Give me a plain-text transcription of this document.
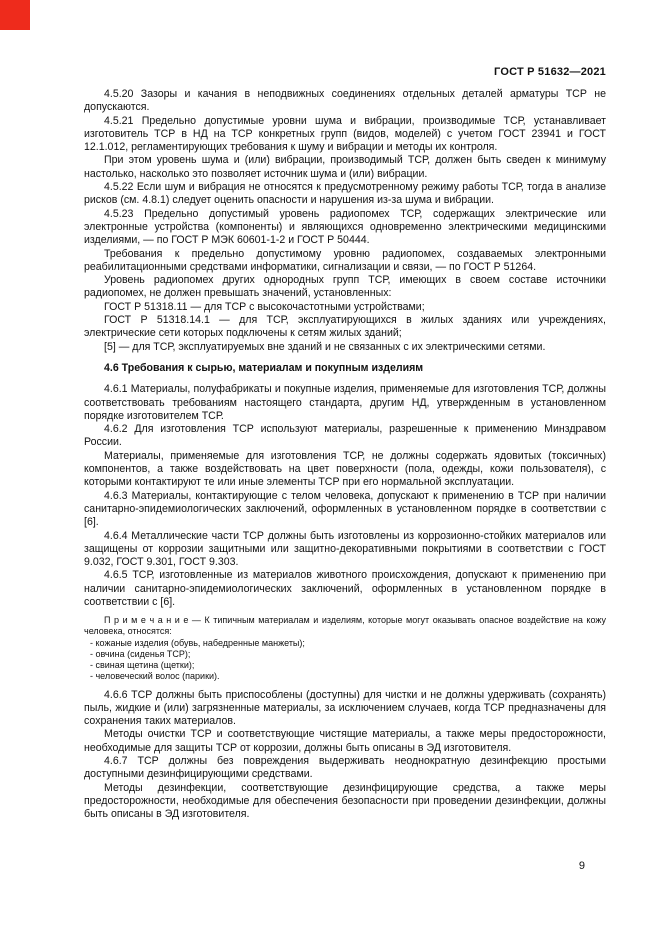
ГОСТ Р 51632—2021

4.5.20 Зазоры и качания в неподвижных соединениях отдельных деталей арматуры ТСР не допускаются.

4.5.21 Предельно допустимые уровни шума и вибрации, производимые ТСР, устанавливает изготовитель ТСР в НД на ТСР конкретных групп (видов, моделей) с учетом ГОСТ 23941 и ГОСТ 12.1.012, регламентирующих требования к шуму и вибрации и методы их контроля.

При этом уровень шума и (или) вибрации, производимый ТСР, должен быть сведен к минимуму настолько, насколько это позволяет источник шума и (или) вибрации.

4.5.22 Если шум и вибрация не относятся к предусмотренному режиму работы ТСР, тогда в анализе рисков (см. 4.8.1) следует оценить опасности и нарушения из-за шума и вибрации.

4.5.23 Предельно допустимый уровень радиопомех ТСР, содержащих электрические или электронные устройства (компоненты) и являющихся одновременно электрическими медицинскими изделиями, — по ГОСТ Р МЭК 60601-1-2 и ГОСТ Р 50444.

Требования к предельно допустимому уровню радиопомех, создаваемых электронными реабилитационными средствами информатики, сигнализации и связи, — по ГОСТ Р 51264.

Уровень радиопомех других однородных групп ТСР, имеющих в своем составе источники радиопомех, не должен превышать значений, установленных:

ГОСТ Р 51318.11 — для ТСР с высокочастотными устройствами;

ГОСТ Р 51318.14.1 — для ТСР, эксплуатирующихся в жилых зданиях или учреждениях, электрические сети которых подключены к сетям жилых зданий;

[5] — для ТСР, эксплуатируемых вне зданий и не связанных с их электрическими сетями.

4.6 Требования к сырью, материалам и покупным изделиям

4.6.1 Материалы, полуфабрикаты и покупные изделия, применяемые для изготовления ТСР, должны соответствовать требованиям настоящего стандарта, другим НД, утвержденным в установленном порядке изготовителем ТСР.

4.6.2 Для изготовления ТСР используют материалы, разрешенные к применению Минздравом России.

Материалы, применяемые для изготовления ТСР, не должны содержать ядовитых (токсичных) компонентов, а также воздействовать на цвет поверхности (пола, одежды, кожи пользователя), с которыми контактируют те или иные элементы ТСР при его нормальной эксплуатации.

4.6.3 Материалы, контактирующие с телом человека, допускают к применению в ТСР при наличии санитарно-эпидемиологических заключений, оформленных в установленном порядке в соответствии с [6].

4.6.4 Металлические части ТСР должны быть изготовлены из коррозионно-стойких материалов или защищены от коррозии защитными или защитно-декоративными покрытиями в соответствии с ГОСТ 9.032, ГОСТ 9.301, ГОСТ 9.303.

4.6.5 ТСР, изготовленные из материалов животного происхождения, допускают к применению при наличии санитарно-эпидемиологических заключений, оформленных в установленном порядке в соответствии с [6].

П р и м е ч а н и е — К типичным материалам и изделиям, которые могут оказывать опасное воздействие на кожу человека, относятся:

- кожаные изделия (обувь, набедренные манжеты);

- овчина (сиденья ТСР);

- свиная щетина (щетки);

- человеческий волос (парики).

4.6.6 ТСР должны быть приспособлены (доступны) для чистки и не должны удерживать (сохранять) пыль, жидкие и (или) загрязненные материалы, за исключением случаев, когда ТСР предназначены для сохранения таких материалов.

Методы очистки ТСР и соответствующие чистящие материалы, а также меры предосторожности, необходимые для защиты ТСР от коррозии, должны быть описаны в ЭД изготовителя.

4.6.7 ТСР должны без повреждения выдерживать неоднократную дезинфекцию простыми доступными дезинфицирующими средствами.

Методы дезинфекции, соответствующие дезинфицирующие средства, а также меры предосторожности, необходимые для обеспечения безопасности при проведении дезинфекции, должны быть описаны в ЭД изготовителя.

9
